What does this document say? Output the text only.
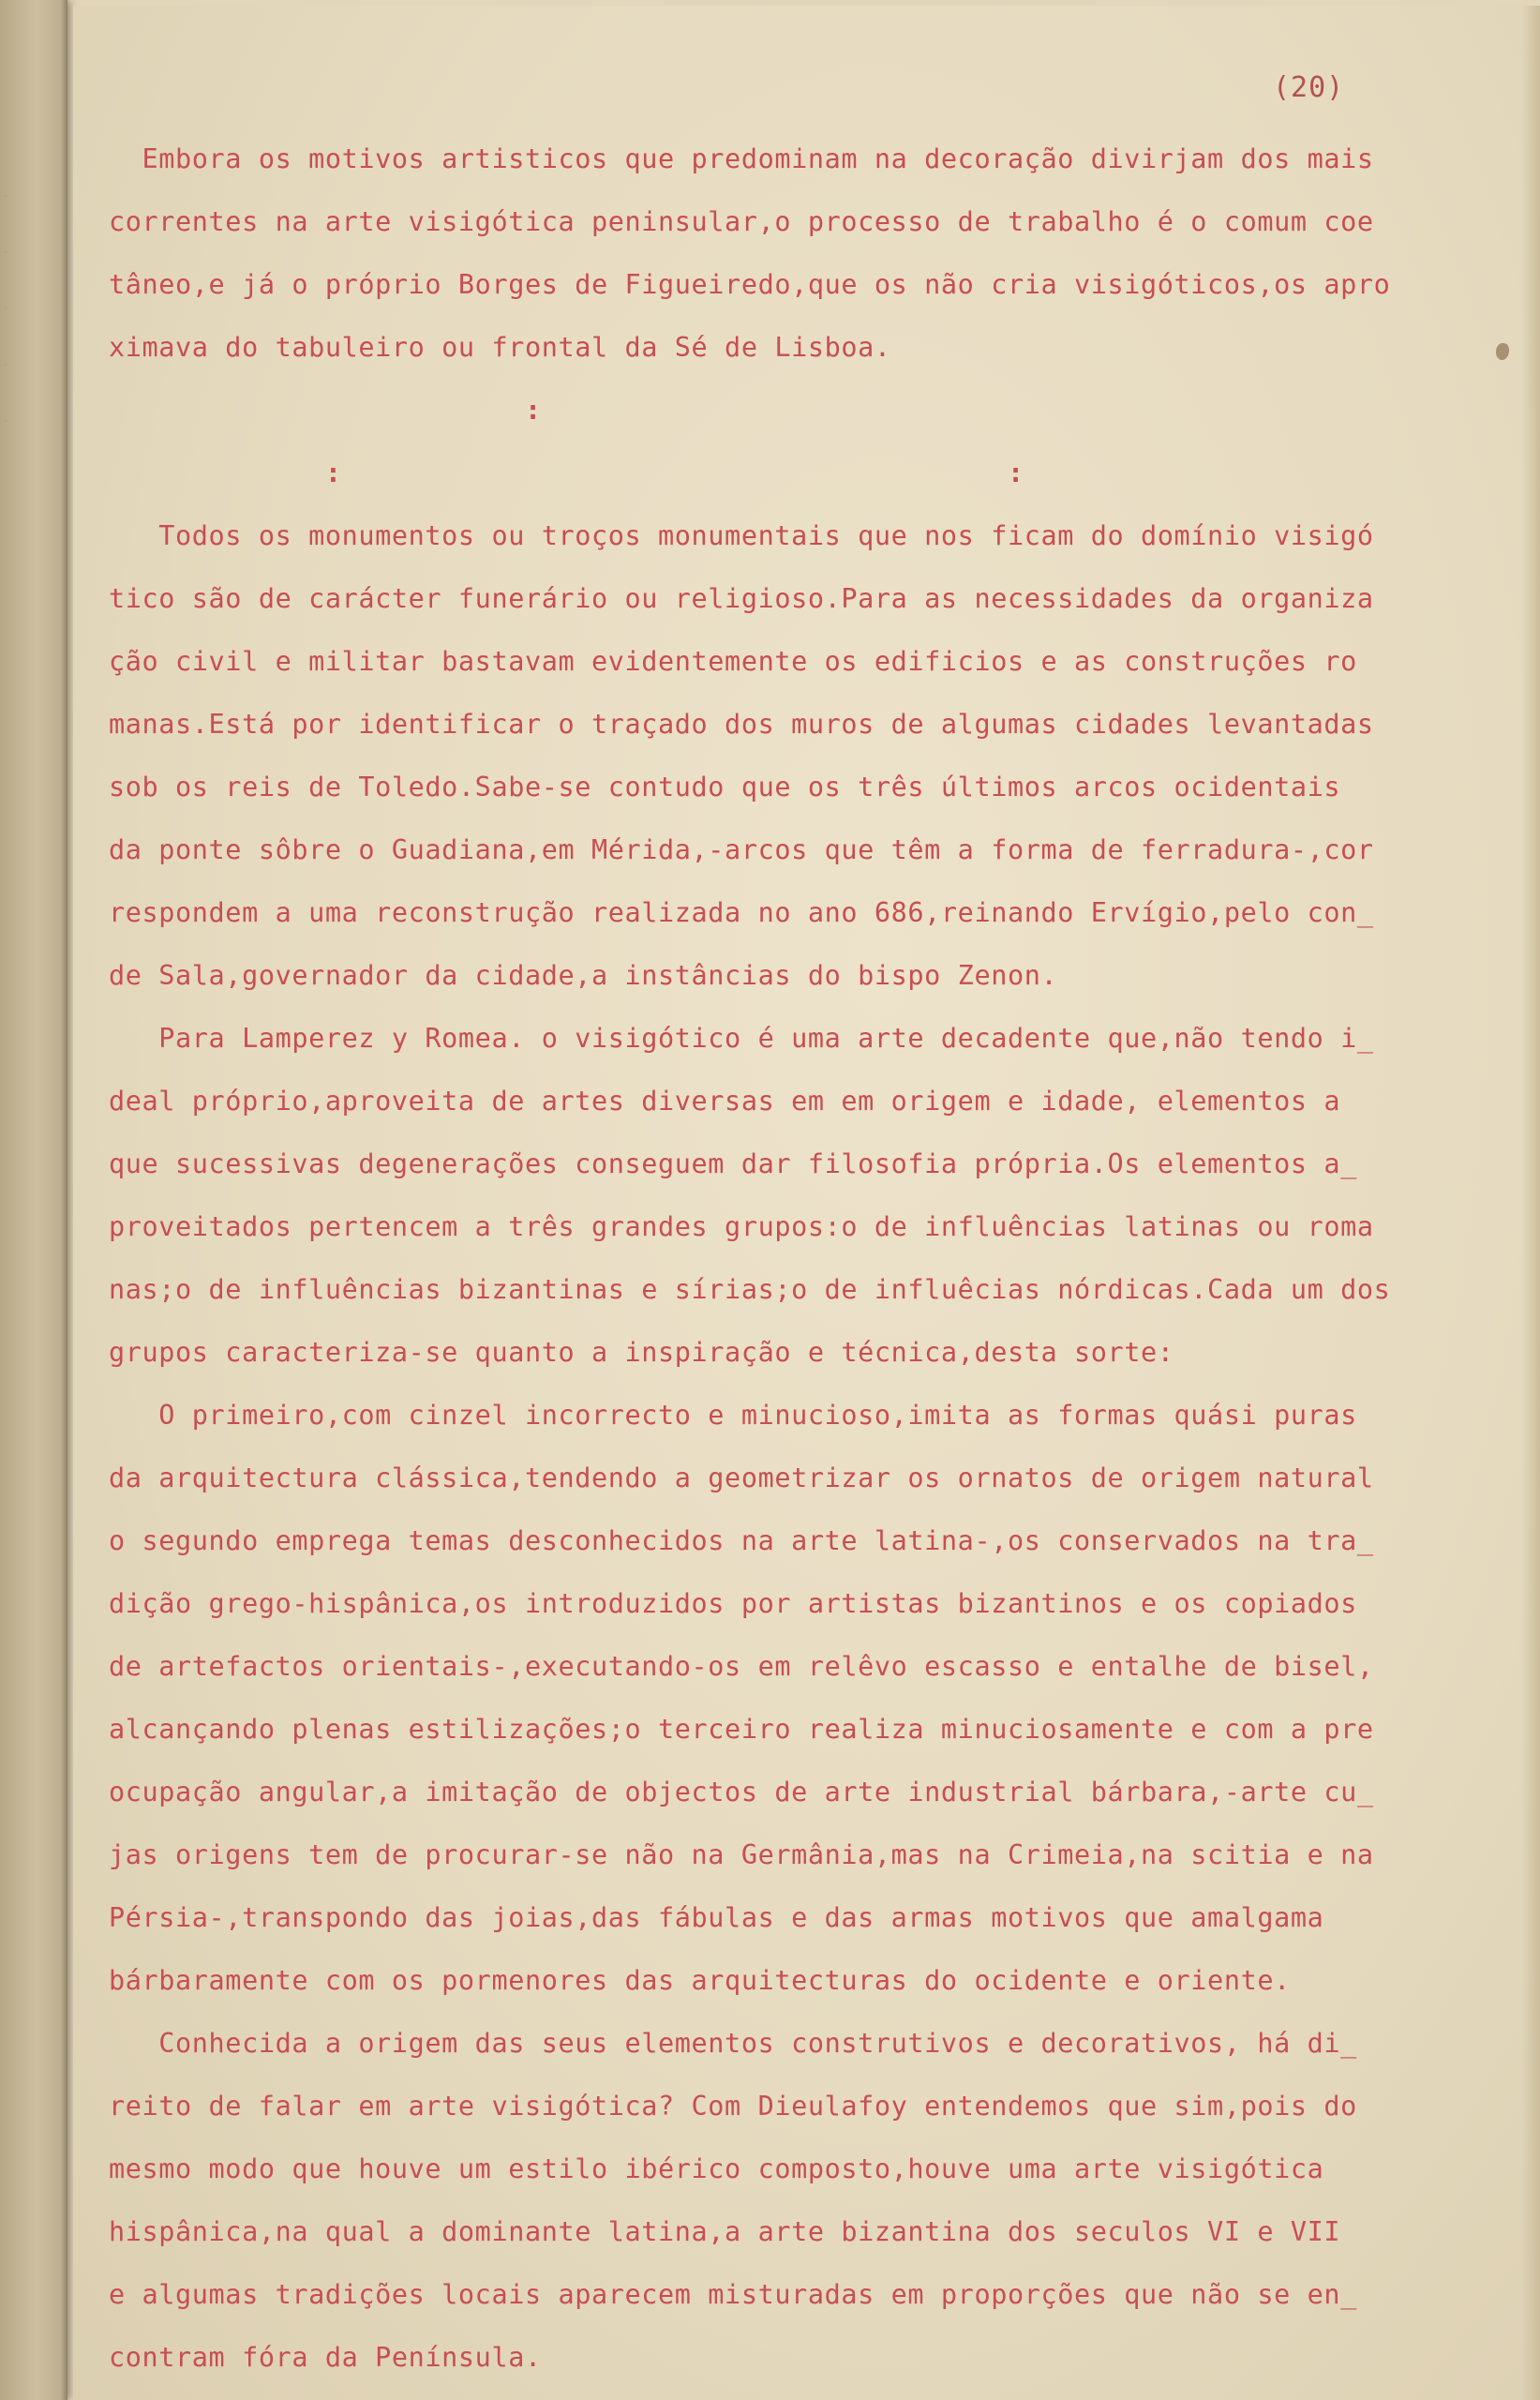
·
·
·
·
·
(20)
Embora os motivos artisticos que predominam na decoração divirjam dos mais
correntes na arte visigótica peninsular,o processo de trabalho é o comum coe
tâneo,e já o próprio Borges de Figueiredo,que os não cria visigóticos,os apro
ximava do tabuleiro ou frontal da Sé de Lisboa.
:
:                                        :
Todos os monumentos ou troços monumentais que nos ficam do domínio visigó
tico são de carácter funerário ou religioso.Para as necessidades da organiza
ção civil e militar bastavam evidentemente os edificios e as construções ro
manas.Está por identificar o traçado dos muros de algumas cidades levantadas
sob os reis de Toledo.Sabe-se contudo que os três últimos arcos ocidentais
da ponte sôbre o Guadiana,em Mérida,-arcos que têm a forma de ferradura-,cor
respondem a uma reconstrução realizada no ano 686,reinando Ervígio,pelo con_
de Sala,governador da cidade,a instâncias do bispo Zenon.
Para Lamperez y Romea. o visigótico é uma arte decadente que,não tendo i_
deal próprio,aproveita de artes diversas em em origem e idade, elementos a
que sucessivas degenerações conseguem dar filosofia própria.Os elementos a_
proveitados pertencem a três grandes grupos:o de influências latinas ou roma
nas;o de influências bizantinas e sírias;o de influêcias nórdicas.Cada um dos
grupos caracteriza-se quanto a inspiração e técnica,desta sorte:
O primeiro,com cinzel incorrecto e minucioso,imita as formas quási puras
da arquitectura clássica,tendendo a geometrizar os ornatos de origem natural
o segundo emprega temas desconhecidos na arte latina-,os conservados na tra_
dição grego-hispânica,os introduzidos por artistas bizantinos e os copiados
de artefactos orientais-,executando-os em relêvo escasso e entalhe de bisel,
alcançando plenas estilizações;o terceiro realiza minuciosamente e com a pre
ocupação angular,a imitação de objectos de arte industrial bárbara,-arte cu_
jas origens tem de procurar-se não na Germânia,mas na Crimeia,na scitia e na
Pérsia-,transpondo das joias,das fábulas e das armas motivos que amalgama
bárbaramente com os pormenores das arquitecturas do ocidente e oriente.
Conhecida a origem das seus elementos construtivos e decorativos, há di_
reito de falar em arte visigótica? Com Dieulafoy entendemos que sim,pois do
mesmo modo que houve um estilo ibérico composto,houve uma arte visigótica
hispânica,na qual a dominante latina,a arte bizantina dos seculos VI e VII
e algumas tradições locais aparecem misturadas em proporções que não se en_
contram fóra da Península.
